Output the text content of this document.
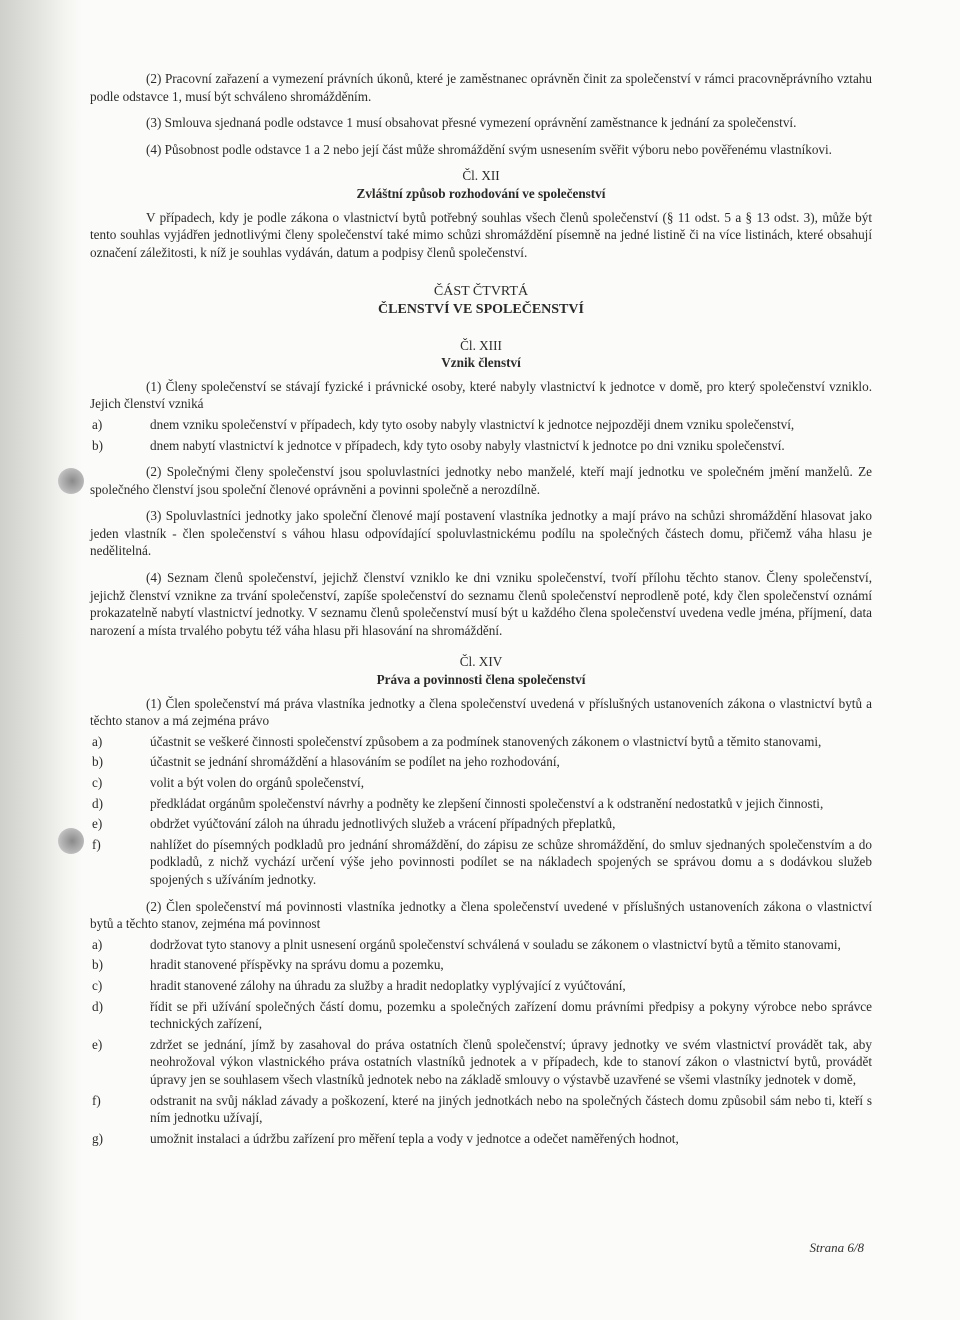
(2) Pracovní zařazení a vymezení právních úkonů, které je zaměstnanec oprávněn činit za společenství v rámci pracovněprávního vztahu podle odstavce 1, musí být schváleno shromážděním.

(3) Smlouva sjednaná podle odstavce 1 musí obsahovat přesné vymezení oprávnění zaměstnance k jednání za společenství.

(4) Působnost podle odstavce 1 a 2 nebo její část může shromáždění svým usnesením svěřit výboru nebo pověřenému vlastníkovi.

Čl. XII
Zvláštní způsob rozhodování ve společenství

V případech, kdy je podle zákona o vlastnictví bytů potřebný souhlas všech členů společenství (§ 11 odst. 5 a § 13 odst. 3), může být tento souhlas vyjádřen jednotlivými členy společenství také mimo schůzi shromáždění písemně na jedné listině či na více listinách, které obsahují označení záležitosti, k níž je souhlas vydáván, datum a podpisy členů společenství.

ČÁST ČTVRTÁ
ČLENSTVÍ VE SPOLEČENSTVÍ
Čl. XIII
Vznik členství

(1) Členy společenství se stávají fyzické i právnické osoby, které nabyly vlastnictví k jednotce v domě, pro který společenství vzniklo. Jejich členství vzniká

a)	dnem vzniku společenství v případech, kdy tyto osoby nabyly vlastnictví k jednotce nejpozději dnem vzniku společenství,
b)	dnem nabytí vlastnictví k jednotce v případech, kdy tyto osoby nabyly vlastnictví k jednotce po dni vzniku společenství.

(2) Společnými členy společenství jsou spoluvlastníci jednotky nebo manželé, kteří mají jednotku ve společném jmění manželů. Ze společného členství jsou společní členové oprávněni a povinni společně a nerozdílně.

(3) Spoluvlastníci jednotky jako společní členové mají postavení vlastníka jednotky a mají právo na schůzi shromáždění hlasovat jako jeden vlastník - člen společenství s váhou hlasu odpovídající spoluvlastnickému podílu na společných částech domu, přičemž váha hlasu je nedělitelná.

(4) Seznam členů společenství, jejichž členství vzniklo ke dni vzniku společenství, tvoří přílohu těchto stanov. Členy společenství, jejichž členství vznikne za trvání společenství, zapíše společenství do seznamu členů společenství neprodleně poté, kdy člen společenství oznámí prokazatelně nabytí vlastnictví jednotky. V seznamu členů společenství musí být u každého člena společenství uvedena vedle jména, příjmení, data narození a místa trvalého pobytu též váha hlasu při hlasování na shromáždění.

Čl. XIV
Práva a povinnosti člena společenství

(1) Člen společenství má práva vlastníka jednotky a člena společenství uvedená v příslušných ustanoveních zákona o vlastnictví bytů a těchto stanov a má zejména právo

a)	účastnit se veškeré činnosti společenství způsobem a za podmínek stanovených zákonem o vlastnictví bytů a těmito stanovami,
b)	účastnit se jednání shromáždění a hlasováním se podílet na jeho rozhodování,
c)	volit a být volen do orgánů společenství,
d)	předkládat orgánům společenství návrhy a podněty ke zlepšení činnosti společenství a k odstranění nedostatků v jejich činnosti,
e)	obdržet vyúčtování záloh na úhradu jednotlivých služeb a vrácení případných přeplatků,
f)	nahlížet do písemných podkladů pro jednání shromáždění, do zápisu ze schůze shromáždění, do smluv sjednaných společenstvím a do podkladů, z nichž vychází určení výše jeho povinnosti podílet se na nákladech spojených se správou domu a s dodávkou služeb spojených s užíváním jednotky.

(2) Člen společenství má povinnosti vlastníka jednotky a člena společenství uvedené v příslušných ustanoveních zákona o vlastnictví bytů a těchto stanov, zejména má povinnost

a)	dodržovat tyto stanovy a plnit usnesení orgánů společenství schválená v souladu se zákonem o vlastnictví bytů a těmito stanovami,
b)	hradit stanovené příspěvky na správu domu a pozemku,
c)	hradit stanovené zálohy na úhradu za služby a hradit nedoplatky vyplývající z vyúčtování,
d)	řídit se při užívání společných částí domu, pozemku a společných zařízení domu právními předpisy a pokyny výrobce nebo správce technických zařízení,
e)	zdržet se jednání, jímž by zasahoval do práva ostatních členů společenství; úpravy jednotky ve svém vlastnictví provádět tak, aby neohrožoval výkon vlastnického práva ostatních vlastníků jednotek a v případech, kde to stanoví zákon o vlastnictví bytů, provádět úpravy jen se souhlasem všech vlastníků jednotek nebo na základě smlouvy o výstavbě uzavřené se všemi vlastníky jednotek v domě,
f)	odstranit na svůj náklad závady a poškození, které na jiných jednotkách nebo na společných částech domu způsobil sám nebo ti, kteří s ním jednotku užívají,
g)	umožnit instalaci a údržbu zařízení pro měření tepla a vody v jednotce a odečet naměřených hodnot,
Strana 6/8
